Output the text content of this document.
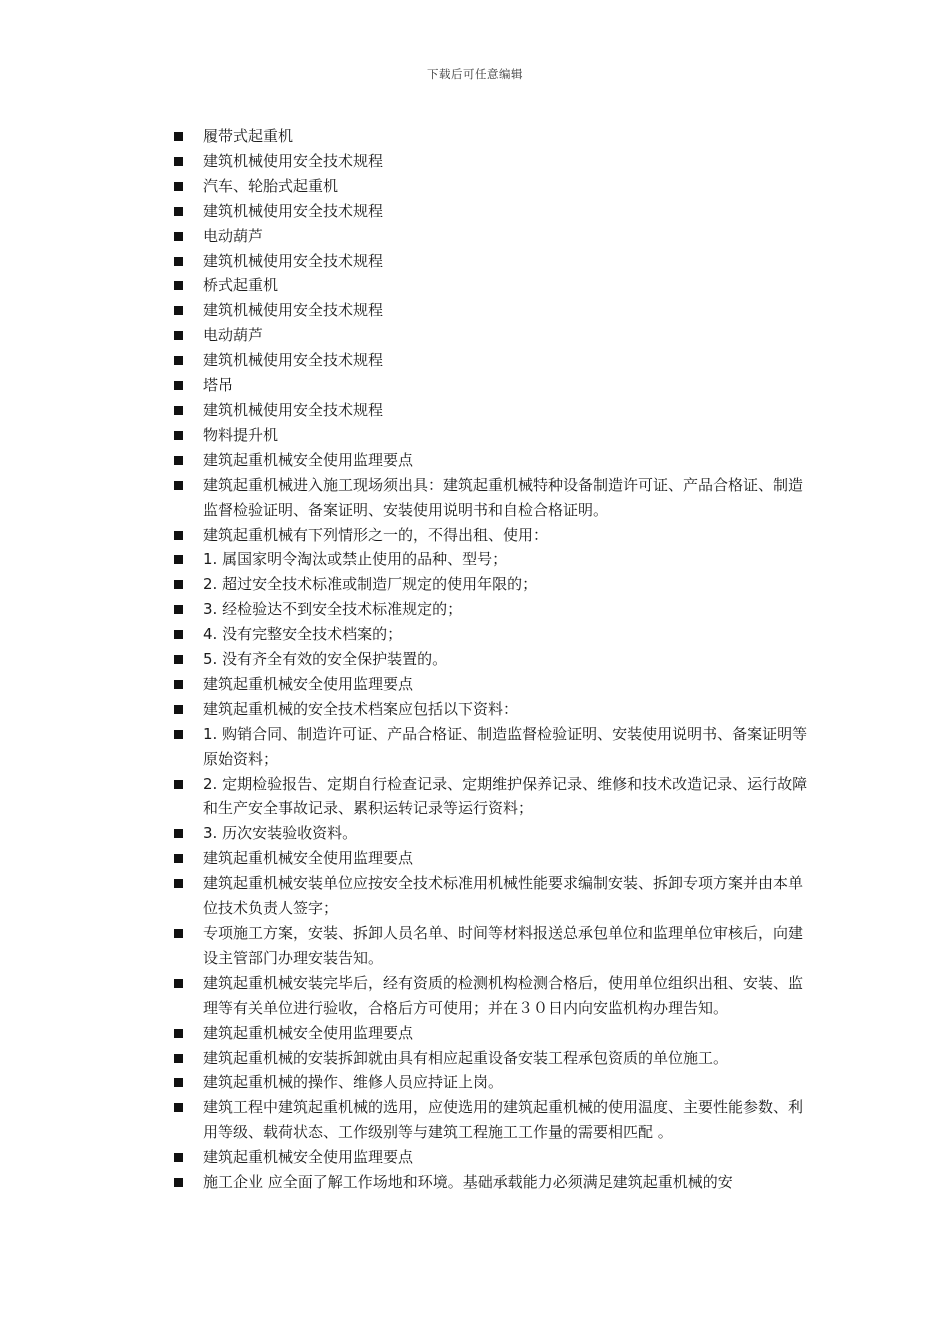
下载后可任意编辑
履带式起重机
建筑机械使用安全技术规程
汽车、轮胎式起重机
建筑机械使用安全技术规程
电动葫芦
建筑机械使用安全技术规程
桥式起重机
建筑机械使用安全技术规程
电动葫芦
建筑机械使用安全技术规程
塔吊
建筑机械使用安全技术规程
物料提升机
建筑起重机械安全使用监理要点
建筑起重机械进入施工现场须出具：建筑起重机械特种设备制造许可证、产品合格证、制造监督检验证明、备案证明、安装使用说明书和自检合格证明。
建筑起重机械有下列情形之一的，不得出租、使用：
1. 属国家明令淘汰或禁止使用的品种、型号；
2. 超过安全技术标准或制造厂规定的使用年限的；
3. 经检验达不到安全技术标准规定的；
4. 没有完整安全技术档案的；
5. 没有齐全有效的安全保护装置的。
建筑起重机械安全使用监理要点
建筑起重机械的安全技术档案应包括以下资料：
1. 购销合同、制造许可证、产品合格证、制造监督检验证明、安装使用说明书、备案证明等原始资料；
2. 定期检验报告、定期自行检查记录、定期维护保养记录、维修和技术改造记录、运行故障和生产安全事故记录、累积运转记录等运行资料；
3. 历次安装验收资料。
建筑起重机械安全使用监理要点
建筑起重机械安装单位应按安全技术标准用机械性能要求编制安装、拆卸专项方案并由本单位技术负责人签字；
专项施工方案，安装、拆卸人员名单、时间等材料报送总承包单位和监理单位审核后，向建设主管部门办理安装告知。
建筑起重机械安装完毕后，经有资质的检测机构检测合格后，使用单位组织出租、安装、监理等有关单位进行验收，合格后方可使用；并在３０日内向安监机构办理告知。
建筑起重机械安全使用监理要点
建筑起重机械的安装拆卸就由具有相应起重设备安装工程承包资质的单位施工。
建筑起重机械的操作、维修人员应持证上岗。
建筑工程中建筑起重机械的选用，应使选用的建筑起重机械的使用温度、主要性能参数、利用等级、载荷状态、工作级别等与建筑工程施工工作量的需要相匹配 。
建筑起重机械安全使用监理要点
施工企业 应全面了解工作场地和环境。基础承载能力必须满足建筑起重机械的安
